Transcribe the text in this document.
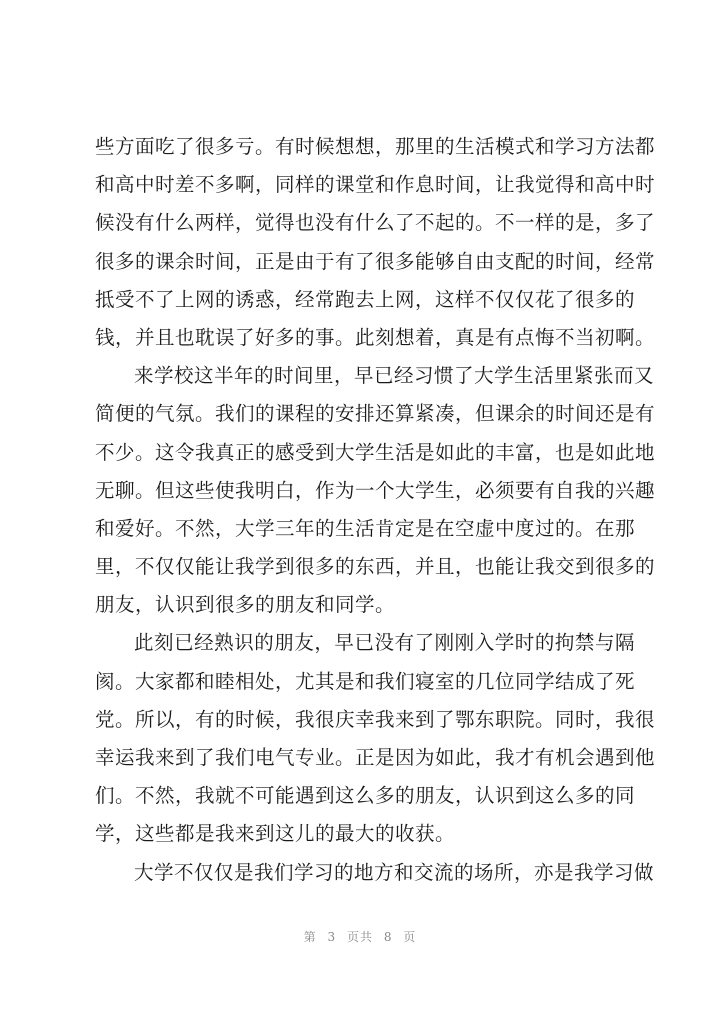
些方面吃了很多亏。有时候想想，那里的生活模式和学习方法都
和高中时差不多啊，同样的课堂和作息时间，让我觉得和高中时
候没有什么两样，觉得也没有什么了不起的。不一样的是，多了
很多的课余时间，正是由于有了很多能够自由支配的时间，经常
抵受不了上网的诱惑，经常跑去上网，这样不仅仅花了很多的
钱，并且也耽误了好多的事。此刻想着，真是有点悔不当初啊。
来学校这半年的时间里，早已经习惯了大学生活里紧张而又
简便的气氛。我们的课程的安排还算紧凑，但课余的时间还是有
不少。这令我真正的感受到大学生活是如此的丰富，也是如此地
无聊。但这些使我明白，作为一个大学生，必须要有自我的兴趣
和爱好。不然，大学三年的生活肯定是在空虚中度过的。在那
里，不仅仅能让我学到很多的东西，并且，也能让我交到很多的
朋友，认识到很多的朋友和同学。
此刻已经熟识的朋友，早已没有了刚刚入学时的拘禁与隔
阂。大家都和睦相处，尤其是和我们寝室的几位同学结成了死
党。所以，有的时候，我很庆幸我来到了鄂东职院。同时，我很
幸运我来到了我们电气专业。正是因为如此，我才有机会遇到他
们。不然，我就不可能遇到这么多的朋友，认识到这么多的同
学，这些都是我来到这儿的最大的收获。
大学不仅仅是我们学习的地方和交流的场所，亦是我学习做
第 3 页共 8 页
